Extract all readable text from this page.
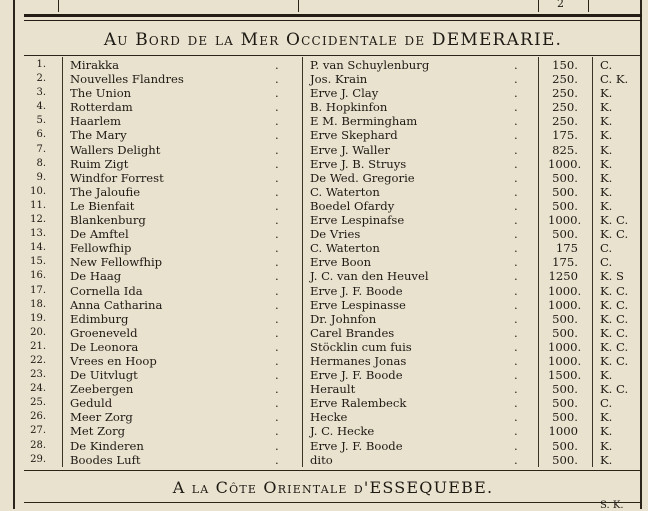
2
Au Bord de la Mer Occidentale de DEMERARIE.
1. Mirakka	.	P. van Schuylenburg	.	150. C.
2. Nouvelles Flandres	.	Jos. Krain	.	250. C. K.
3. The Union	.	Erve J. Clay	.	250. K.
4. Rotterdam	.	B. Hopkinfon	.	250. K.
5. Haarlem	.	E M. Bermingham	.	250. K.
6. The Mary	.	Erve Skephard	.	175. K.
7. Wallers Delight	.	Erve J. Waller	.	825. K.
8. Ruim Zigt	.	Erve J. B. Struys	.	1000. K.
9. Windfor Forrest	.	De Wed. Gregorie	.	500. K.
10. The Jaloufie	.	C. Waterton	.	500. K.
11. Le Bienfait	.	Boedel Ofardy	.	500. K.
12. Blankenburg	.	Erve Lespinafse	.	1000. K. C.
13. De Amftel	.	De Vries	.	500. K. C.
14. Fellowfhip	.	C. Waterton	.	175 C.
15. New Fellowfhip	.	Erve Boon	.	175. C.
16. De Haag	.	J. C. van den Heuvel	.	1250 K. S
17. Cornella Ida	.	Erve J. F. Boode	.	1000. K. C.
18. Anna Catharina	.	Erve Lespinasse	.	1000. K. C.
19. Edimburg	.	Dr. Johnfon	.	500. K. C.
20. Groeneveld	.	Carel Brandes	.	500. K. C.
21. De Leonora	.	Stöcklin cum fuis	.	1000. K. C.
22. Vrees en Hoop	.	Hermanes Jonas	.	1000. K. C.
23. De Uitvlugt	.	Erve J. F. Boode	.	1500. K.
24. Zeebergen	.	Herault	.	500. K. C.
25. Geduld	.	Erve Ralembeck	.	500. C.
26. Meer Zorg	.	Hecke	.	500. K.
27. Met Zorg	.	J. C. Hecke	.	1000 K.
28. De Kinderen	.	Erve J. F. Boode	.	500. K.
29. Boodes Luft	.	dito	.	500. K.
A la Côte Orientale d'ESSEQUEBE.
S. K.
